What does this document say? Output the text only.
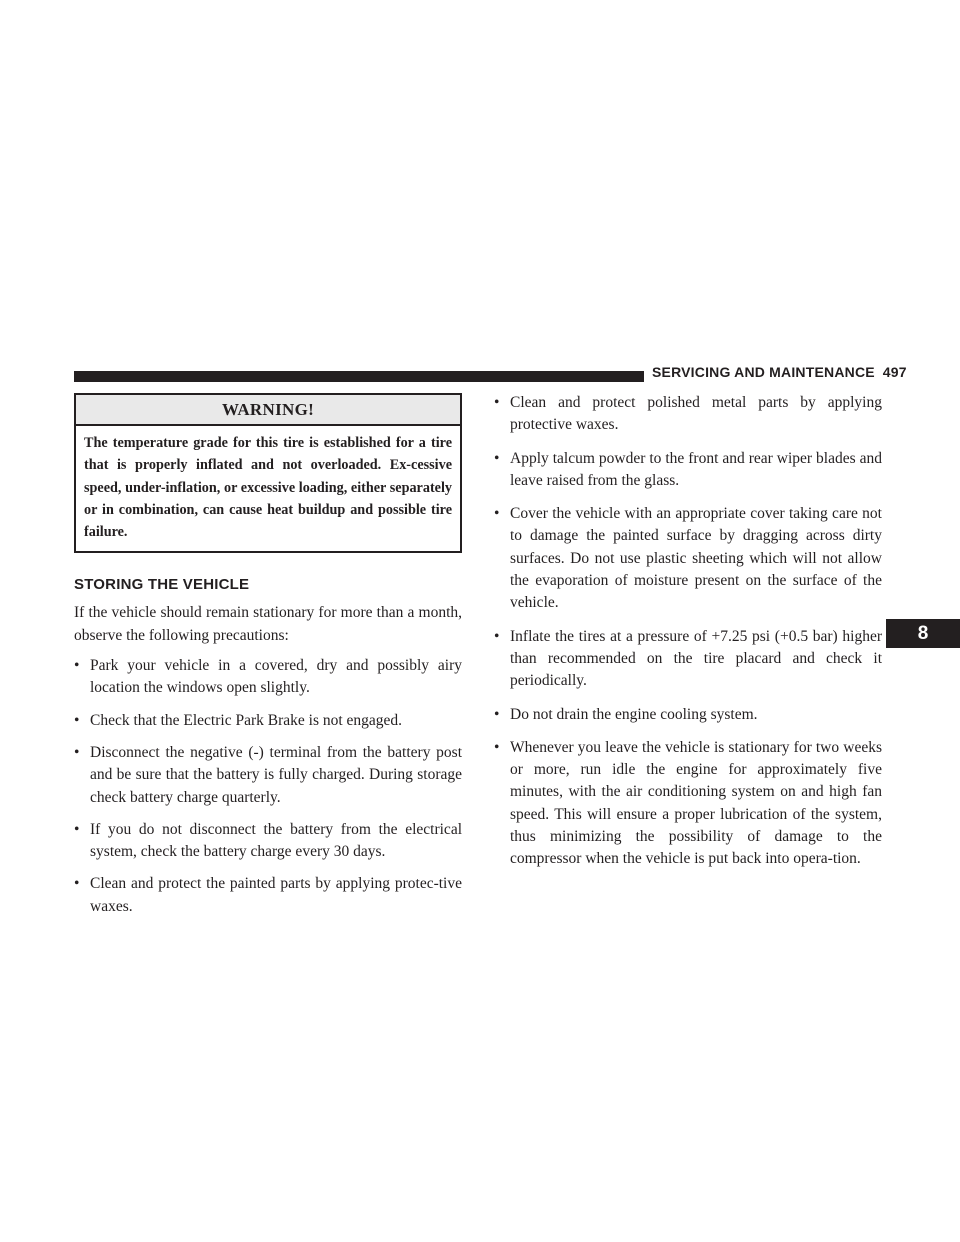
SERVICING AND MAINTENANCE 497
8
WARNING!
The temperature grade for this tire is established for a tire that is properly inflated and not overloaded. Ex-cessive speed, under-inflation, or excessive loading, either separately or in combination, can cause heat buildup and possible tire failure.
STORING THE VEHICLE

If the vehicle should remain stationary for more than a month, observe the following precautions:

• Park your vehicle in a covered, dry and possibly airy location the windows open slightly.
• Check that the Electric Park Brake is not engaged.
• Disconnect the negative (-) terminal from the battery post and be sure that the battery is fully charged. During storage check battery charge quarterly.
• If you do not disconnect the battery from the electrical system, check the battery charge every 30 days.
• Clean and protect the painted parts by applying protec-tive waxes.
• Clean and protect polished metal parts by applying protective waxes.
• Apply talcum powder to the front and rear wiper blades and leave raised from the glass.
• Cover the vehicle with an appropriate cover taking care not to damage the painted surface by dragging across dirty surfaces. Do not use plastic sheeting which will not allow the evaporation of moisture present on the surface of the vehicle.
• Inflate the tires at a pressure of +7.25 psi (+0.5 bar) higher than recommended on the tire placard and check it periodically.
• Do not drain the engine cooling system.
• Whenever you leave the vehicle is stationary for two weeks or more, run idle the engine for approximately five minutes, with the air conditioning system on and high fan speed. This will ensure a proper lubrication of the system, thus minimizing the possibility of damage to the compressor when the vehicle is put back into opera-tion.
